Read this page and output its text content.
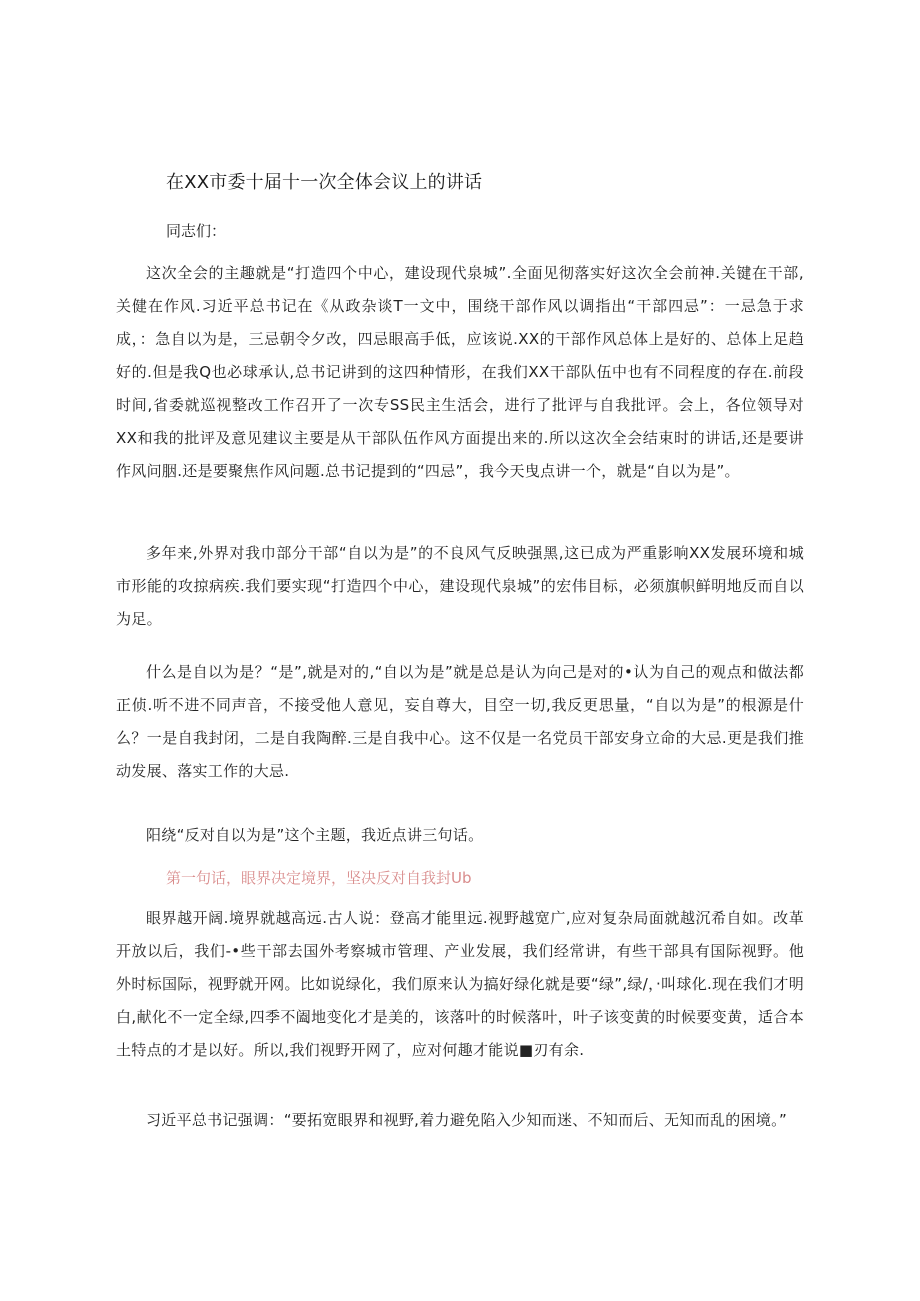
在XX市委十届十一次全体会议上的讲话
同志们：

这次全会的主趣就是“打造四个中心，建设现代泉城”.全面见彻落实好这次全会前神.关键在干部,关健在作风.习近平总书记在《从政杂谈T一文中，围绕干部作风以调指出“干部四忌”：一忌急于求成，：急自以为是，三忌朝令夕改，四忌眼高手低，应该说.XX的干部作风总体上是好的、总体上足趋好的.但是我Q也必球承认,总书记讲到的这四种情形，在我们XX干部队伍中也有不同程度的存在.前段时间,省委就巡视整改工作召开了一次专SS民主生活会，进行了批评与自我批评。会上，各位领导对XX和我的批评及意见建议主要是从干部队伍作风方面提出来的.所以这次全会结束时的讲话,还是要讲作风问胭.还是要聚焦作风问题.总书记提到的“四忌”，我今天曳点讲一个，就是“自以为是”。

多年来,外界对我巾部分干部“自以为是”的不良风气反映强黑,这已成为严重影响XX发展环境和城市形能的攻掠病疾.我们要实现“打造四个中心，建设现代泉城”的宏伟目标，必须旗帜鲜明地反而自以为足。

什么是自以为是？“是”,就是对的,“自以为是”就是总是认为向己是对的•认为自己的观点和做法都正侦.听不进不同声音，不接受他人意见，妄自尊大，目空一切,我反更思量，“自以为是”的根源是什么？一是自我封闭，二是自我陶醉.三是自我中心。这不仅是一名党员干部安身立命的大忌.更是我们推动发展、落实工作的大忌.

阳绕“反对自以为是”这个主题，我近点讲三句话。

第一句话，眼界决定境界，坚决反对自我封Ub

眼界越开阔.境界就越高远.古人说：登高才能里远.视野越宽广,应对复杂局面就越沉希自如。改革开放以后，我们-•些干部去国外考察城市管理、产业发展，我们经常讲，有些干部具有国际视野。他外时标国际，视野就开网。比如说绿化，我们原来认为搞好绿化就是要“绿”,绿/，·叫球化.现在我们才明白,献化不一定全绿,四季不阖地变化才是美的，该落叶的时候落叶，叶子该变黄的时候要变黄，适合本土特点的才是以好。所以,我们视野开网了，应对何趣才能说■刃有余.

习近平总书记强调：“要拓宽眼界和视野,着力避免陷入少知而迷、不知而后、无知而乱的困境。”
